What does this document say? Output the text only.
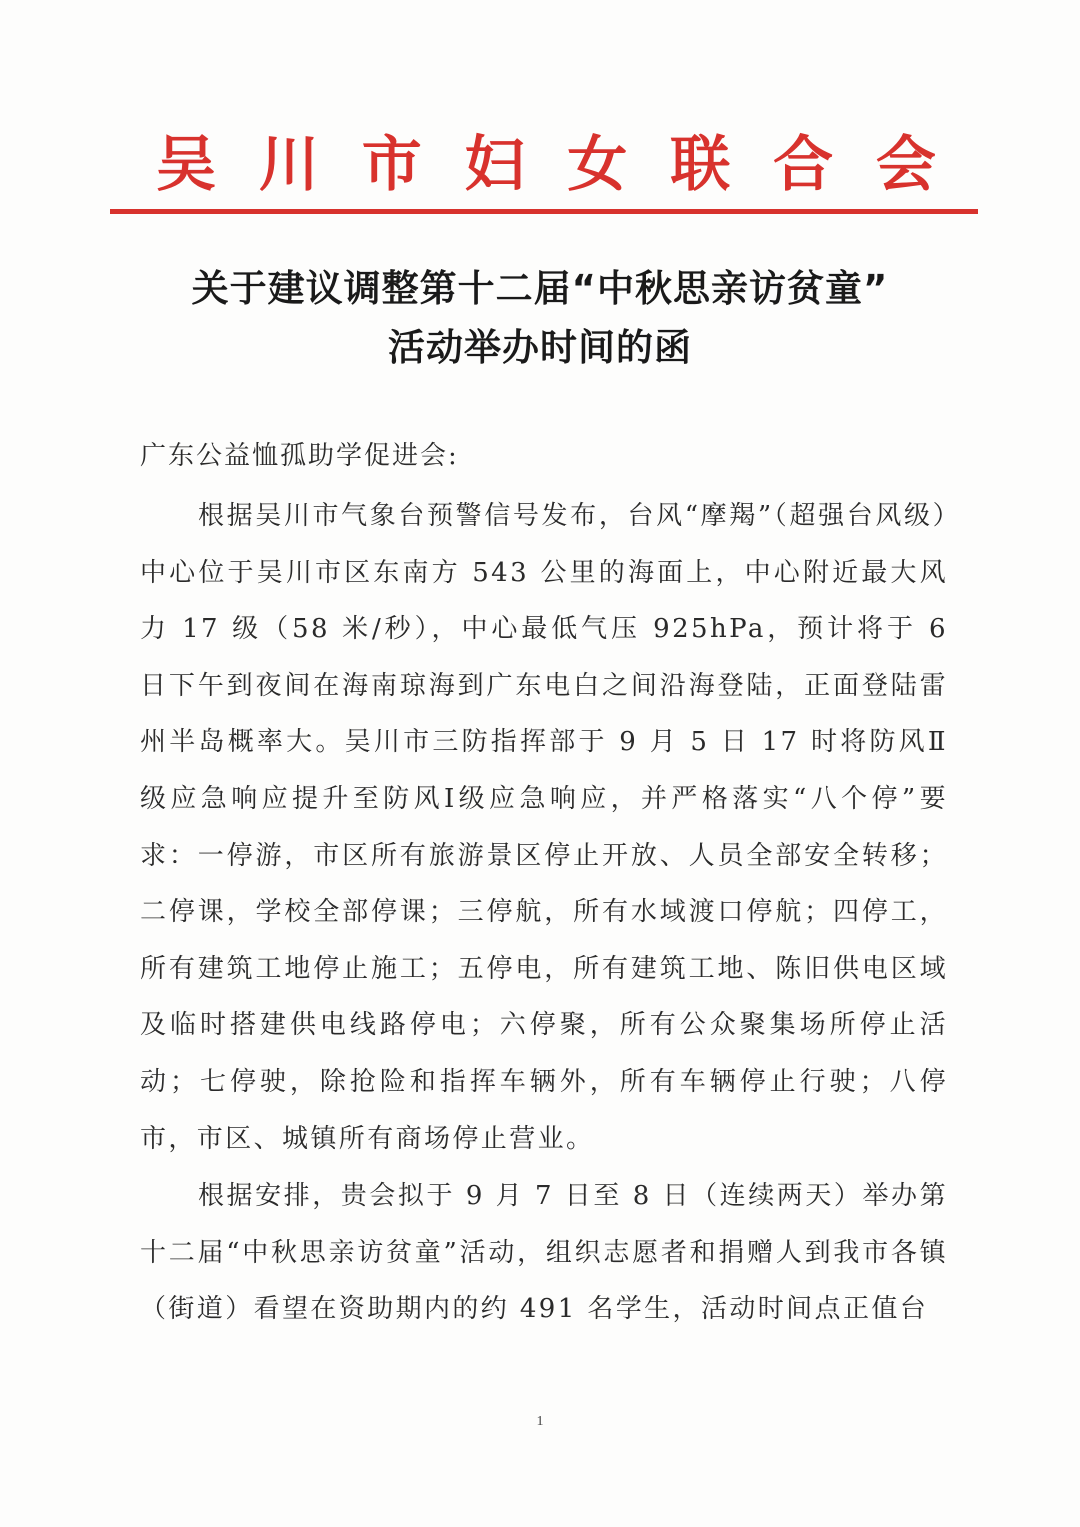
吴 川 市 妇 女 联 合 会
关于建议调整第十二届“中秋思亲访贫童”
活动举办时间的函
广东公益恤孤助学促进会:

根据吴川市气象台预警信号发布，台风“摩羯”（超强台风级）中心位于吴川市区东南方 543 公里的海面上，中心附近最大风力 17 级（58 米/秒），中心最低气压 925hPa，预计将于 6 日下午到夜间在海南琼海到广东电白之间沿海登陆，正面登陆雷州半岛概率大。吴川市三防指挥部于 9 月 5 日 17 时将防风Ⅱ级应急响应提升至防风Ⅰ级应急响应，并严格落实“八个停”要求：一停游，市区所有旅游景区停止开放、人员全部安全转移；二停课，学校全部停课；三停航，所有水域渡口停航；四停工，所有建筑工地停止施工；五停电，所有建筑工地、陈旧供电区域及临时搭建供电线路停电；六停聚，所有公众聚集场所停止活动；七停驶，除抢险和指挥车辆外，所有车辆停止行驶；八停市，市区、城镇所有商场停止营业。

根据安排，贵会拟于 9 月 7 日至 8 日（连续两天）举办第十二届“中秋思亲访贫童”活动，组织志愿者和捐赠人到我市各镇（街道）看望在资助期内的约 491 名学生，活动时间点正值台

1
